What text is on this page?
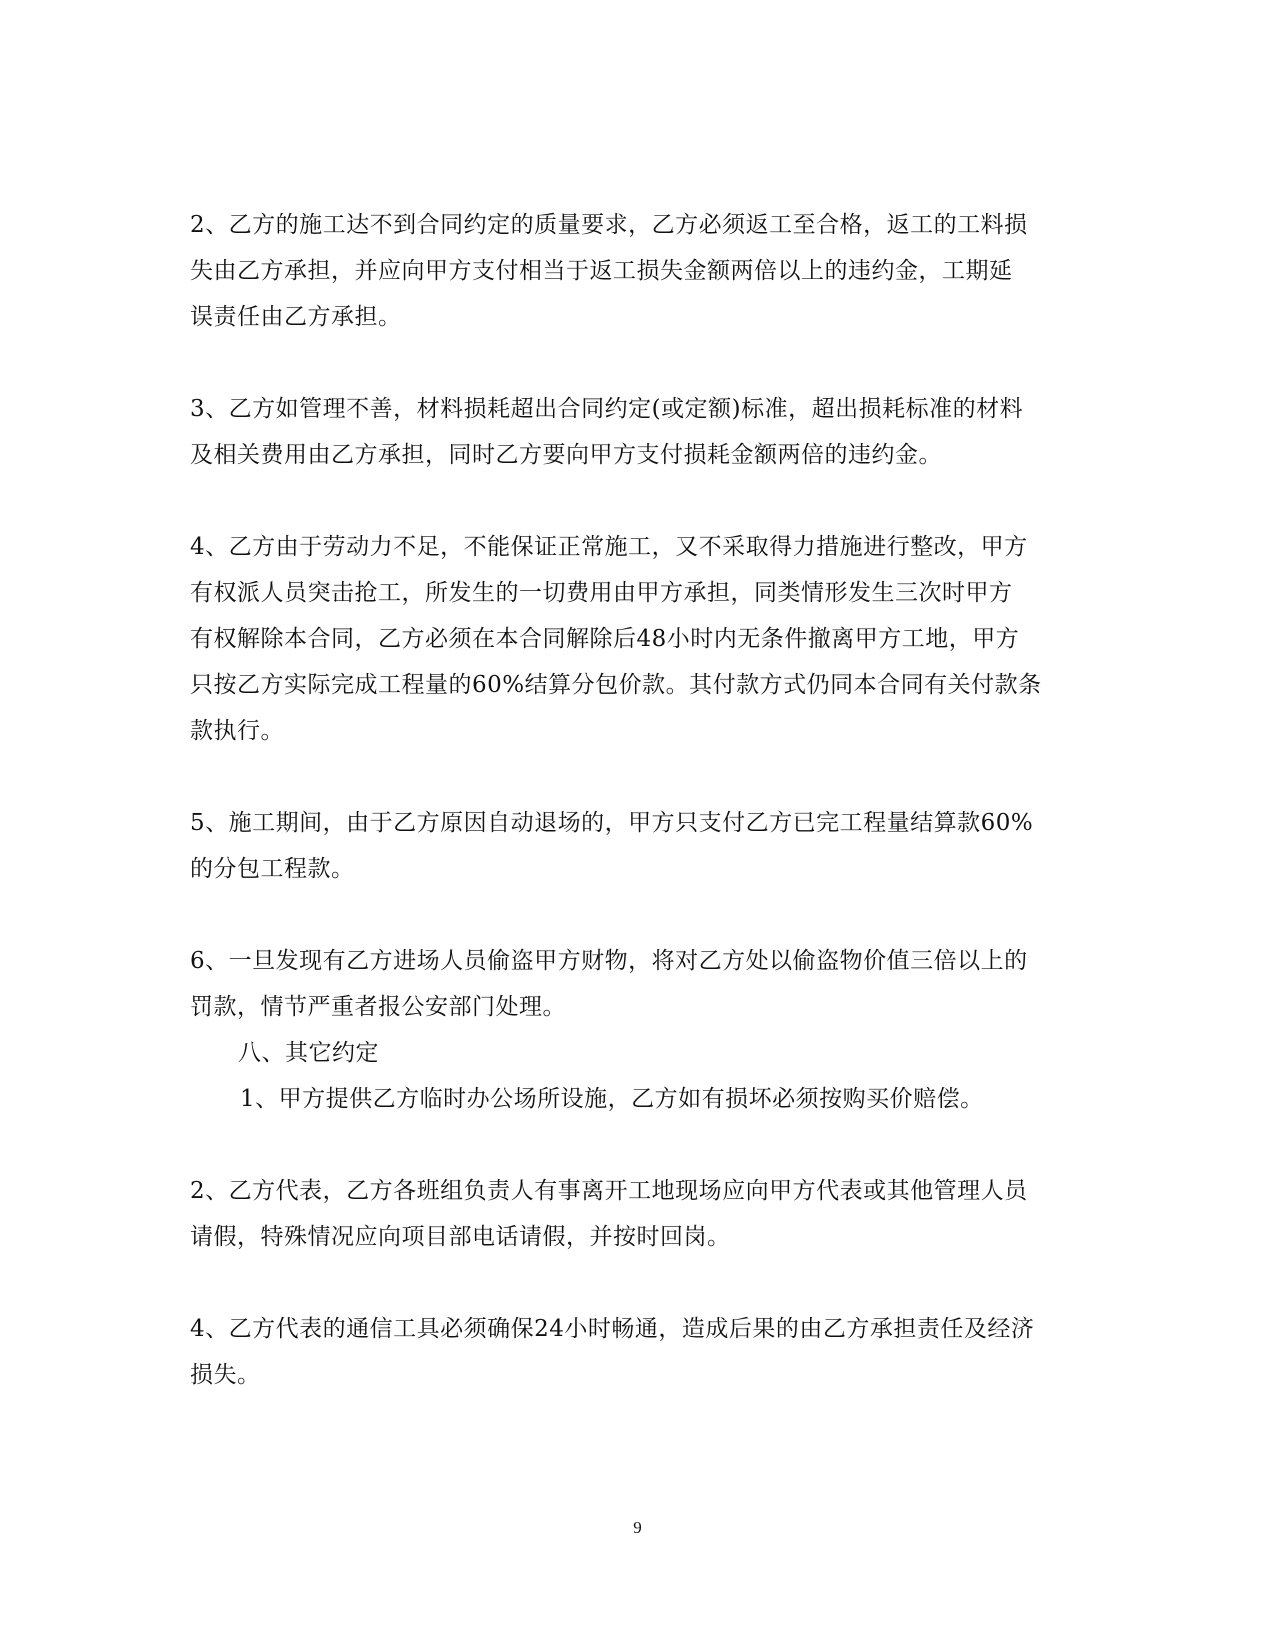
2、乙方的施工达不到合同约定的质量要求，乙方必须返工至合格，返工的工料损
失由乙方承担，并应向甲方支付相当于返工损失金额两倍以上的违约金，工期延
误责任由乙方承担。
3、乙方如管理不善，材料损耗超出合同约定(或定额)标准，超出损耗标准的材料
及相关费用由乙方承担，同时乙方要向甲方支付损耗金额两倍的违约金。
4、乙方由于劳动力不足，不能保证正常施工，又不采取得力措施进行整改，甲方
有权派人员突击抢工，所发生的一切费用由甲方承担，同类情形发生三次时甲方
有权解除本合同，乙方必须在本合同解除后48小时内无条件撤离甲方工地，甲方
只按乙方实际完成工程量的60%结算分包价款。其付款方式仍同本合同有关付款条
款执行。
5、施工期间，由于乙方原因自动退场的，甲方只支付乙方已完工程量结算款60%
的分包工程款。
6、一旦发现有乙方进场人员偷盗甲方财物，将对乙方处以偷盗物价值三倍以上的
罚款，情节严重者报公安部门处理。
八、其它约定
1、甲方提供乙方临时办公场所设施，乙方如有损坏必须按购买价赔偿。
2、乙方代表，乙方各班组负责人有事离开工地现场应向甲方代表或其他管理人员
请假，特殊情况应向项目部电话请假，并按时回岗。
4、乙方代表的通信工具必须确保24小时畅通，造成后果的由乙方承担责任及经济
损失。
9
